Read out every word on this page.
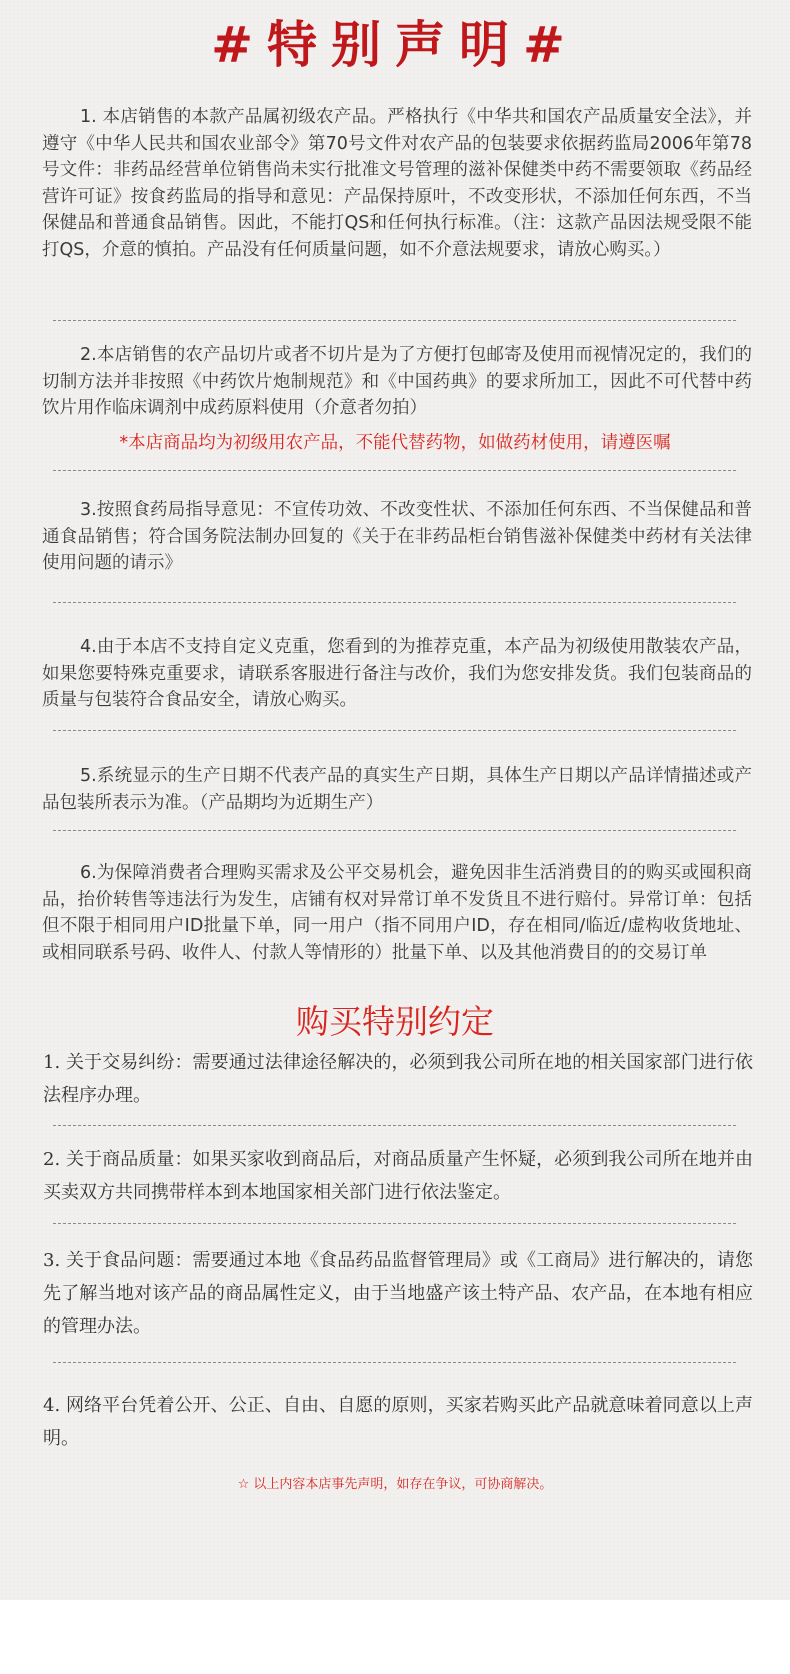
#特别声明#

1. 本店销售的本款产品属初级农产品。严格执行《中华共和国农产品质量安全法》，并遵守《中华人民共和国农业部令》第70号文件对农产品的包装要求依据药监局2006年第78号文件：非药品经营单位销售尚未实行批准文号管理的滋补保健类中药不需要领取《药品经营许可证》按食药监局的指导和意见：产品保持原叶，不改变形状，不添加任何东西，不当保健品和普通食品销售。因此，不能打QS和任何执行标准。（注：这款产品因法规受限不能打QS，介意的慎拍。产品没有任何质量问题，如不介意法规要求，请放心购买。）

2.本店销售的农产品切片或者不切片是为了方便打包邮寄及使用而视情况定的，我们的切制方法并非按照《中药饮片炮制规范》和《中国药典》的要求所加工，因此不可代替中药饮片用作临床调剂中成药原料使用（介意者勿拍）

*本店商品均为初级用农产品，不能代替药物，如做药材使用，请遵医嘱

3.按照食药局指导意见：不宣传功效、不改变性状、不添加任何东西、不当保健品和普通食品销售；符合国务院法制办回复的《关于在非药品柜台销售滋补保健类中药材有关法律使用问题的请示》

4.由于本店不支持自定义克重，您看到的为推荐克重，本产品为初级使用散装农产品，如果您要特殊克重要求，请联系客服进行备注与改价，我们为您安排发货。我们包装商品的质量与包装符合食品安全，请放心购买。

5.系统显示的生产日期不代表产品的真实生产日期，具体生产日期以产品详情描述或产品包装所表示为准。（产品期均为近期生产）

6.为保障消费者合理购买需求及公平交易机会，避免因非生活消费目的的购买或囤积商品，抬价转售等违法行为发生，店铺有权对异常订单不发货且不进行赔付。异常订单：包括但不限于相同用户ID批量下单，同一用户（指不同用户ID，存在相同/临近/虚构收货地址、或相同联系号码、收件人、付款人等情形的）批量下单、以及其他消费目的的交易订单

购买特别约定

1. 关于交易纠纷：需要通过法律途径解决的，必须到我公司所在地的相关国家部门进行依法程序办理。

2. 关于商品质量：如果买家收到商品后，对商品质量产生怀疑，必须到我公司所在地并由买卖双方共同携带样本到本地国家相关部门进行依法鉴定。

3. 关于食品问题：需要通过本地《食品药品监督管理局》或《工商局》进行解决的，请您先了解当地对该产品的商品属性定义，由于当地盛产该土特产品、农产品，在本地有相应的管理办法。

4. 网络平台凭着公开、公正、自由、自愿的原则，买家若购买此产品就意味着同意以上声明。

☆ 以上内容本店事先声明，如存在争议，可协商解决。
